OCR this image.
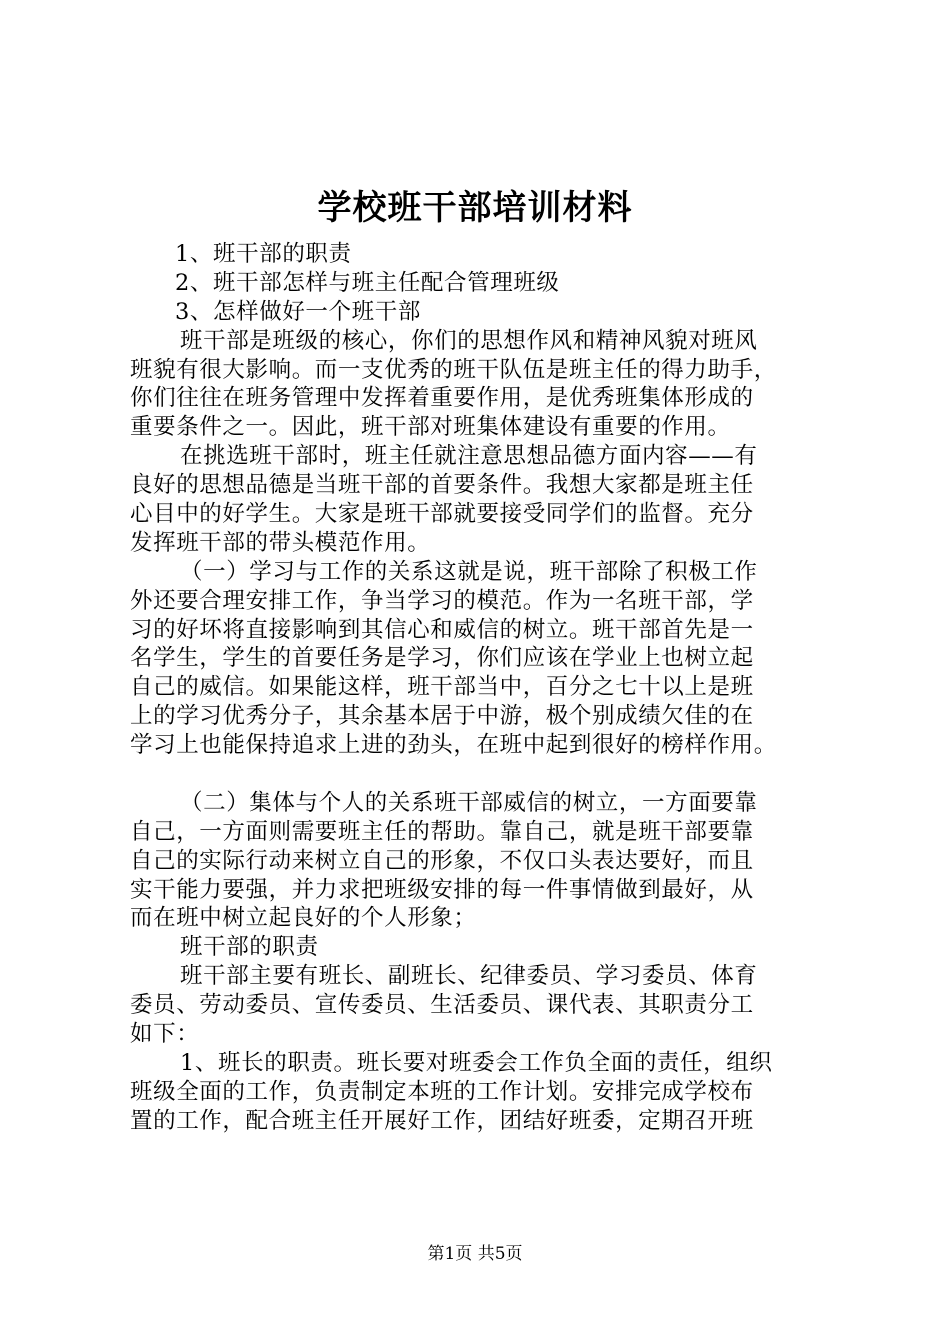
学校班干部培训材料
1、班干部的职责
2、班干部怎样与班主任配合管理班级
3、怎样做好一个班干部
班干部是班级的核心，你们的思想作风和精神风貌对班风
班貌有很大影响。而一支优秀的班干队伍是班主任的得力助手，
你们往往在班务管理中发挥着重要作用，是优秀班集体形成的
重要条件之一。因此，班干部对班集体建设有重要的作用。
在挑选班干部时，班主任就注意思想品德方面内容——有
良好的思想品德是当班干部的首要条件。我想大家都是班主任
心目中的好学生。大家是班干部就要接受同学们的监督。充分
发挥班干部的带头模范作用。
（一）学习与工作的关系这就是说，班干部除了积极工作
外还要合理安排工作，争当学习的模范。作为一名班干部，学
习的好坏将直接影响到其信心和威信的树立。班干部首先是一
名学生，学生的首要任务是学习，你们应该在学业上也树立起
自己的威信。如果能这样，班干部当中，百分之七十以上是班
上的学习优秀分子，其余基本居于中游，极个别成绩欠佳的在
学习上也能保持追求上进的劲头，在班中起到很好的榜样作用。
（二）集体与个人的关系班干部威信的树立，一方面要靠
自己，一方面则需要班主任的帮助。靠自己，就是班干部要靠
自己的实际行动来树立自己的形象，不仅口头表达要好，而且
实干能力要强，并力求把班级安排的每一件事情做到最好，从
而在班中树立起良好的个人形象；
班干部的职责
班干部主要有班长、副班长、纪律委员、学习委员、体育
委员、劳动委员、宣传委员、生活委员、课代表、其职责分工
如下：
1、班长的职责。班长要对班委会工作负全面的责任，组织
班级全面的工作，负责制定本班的工作计划。安排完成学校布
置的工作，配合班主任开展好工作，团结好班委，定期召开班
第1页 共5页
